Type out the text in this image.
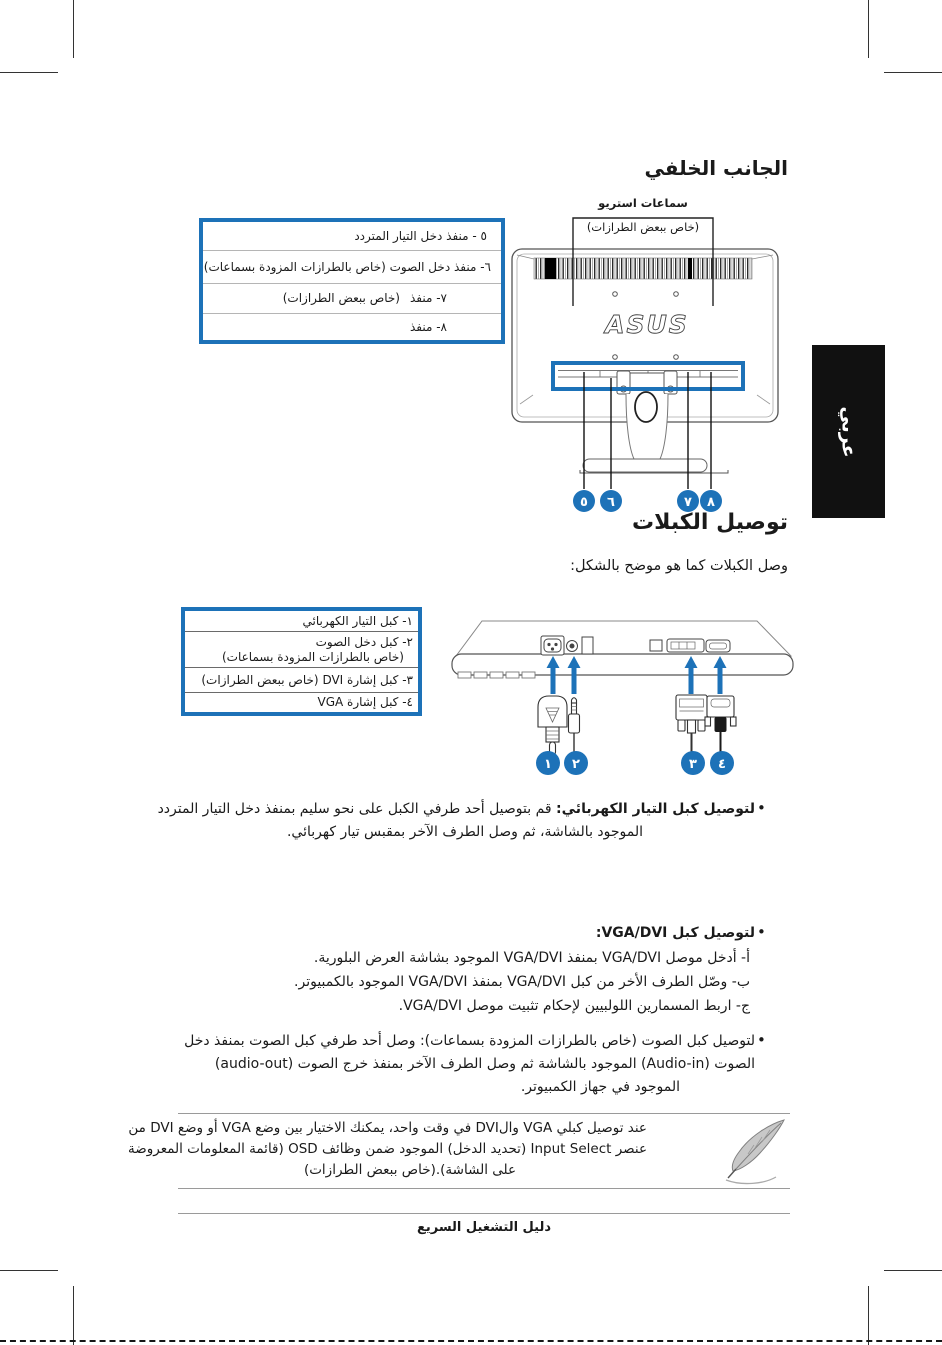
الجانب الخلفي
سماعات استريو
(خاص ببعض الطرازات)
٥ - منفذ دخل التيار المتردد
٦- منفذ دخل الصوت (خاص بالطرازات المزودة بسماعات)
٧- منفذ
(خاص ببعض الطرازات)
٨- منفذ	ASUS
٥ ٦	٧ ٨
توصيل الكبلات
وصل الكبلات كما هو موضح بالشكل:
١- كبل التيار الكهربائي
٢- كبل دخل الصوت
(خاص بالطرازات المزودة بسماعات)
٣- كبل إشارة DVI (خاص ببعض الطرازات)
٤- كبل إشارة VGA
١ ٢	٣ ٤
•
لتوصيل كبل التيار الكهربائي: قم بتوصيل أحد طرفي الكبل على نحو سليم بمنفذ دخل التيار المتردد
الموجود بالشاشة، ثم وصل الطرف الآخر بمقبس تيار كهربائي.
•
لتوصيل كبل VGA/DVI:
أ- أدخل موصل VGA/DVI بمنفذ VGA/DVI الموجود بشاشة العرض البلورية.
ب- وصّل الطرف الأخر من كبل VGA/DVI بمنفذ VGA/DVI الموجود بالكمبيوتر.
ج- اربط المسمارين اللولبيين لإحكام تثبيت موصل VGA/DVI.
•
لتوصيل كبل الصوت (خاص بالطرازات المزودة بسماعات): وصل أحد طرفي كبل الصوت بمنفذ دخل
الصوت (Audio-in) الموجود بالشاشة ثم وصل الطرف الآخر بمنفذ خرج الصوت (audio-out)
الموجود في جهاز الكمبيوتر.
عند توصيل كبلي VGA والDVI في وقت واحد، يمكنك الاختيار بين وضع VGA أو وضع DVI من
عنصر Input Select (تحديد الدخل) الموجود ضمن وظائف OSD (قائمة المعلومات المعروضة
على الشاشة).(خاص ببعض الطرازات)
دليل التشغيل السريع
عربي
